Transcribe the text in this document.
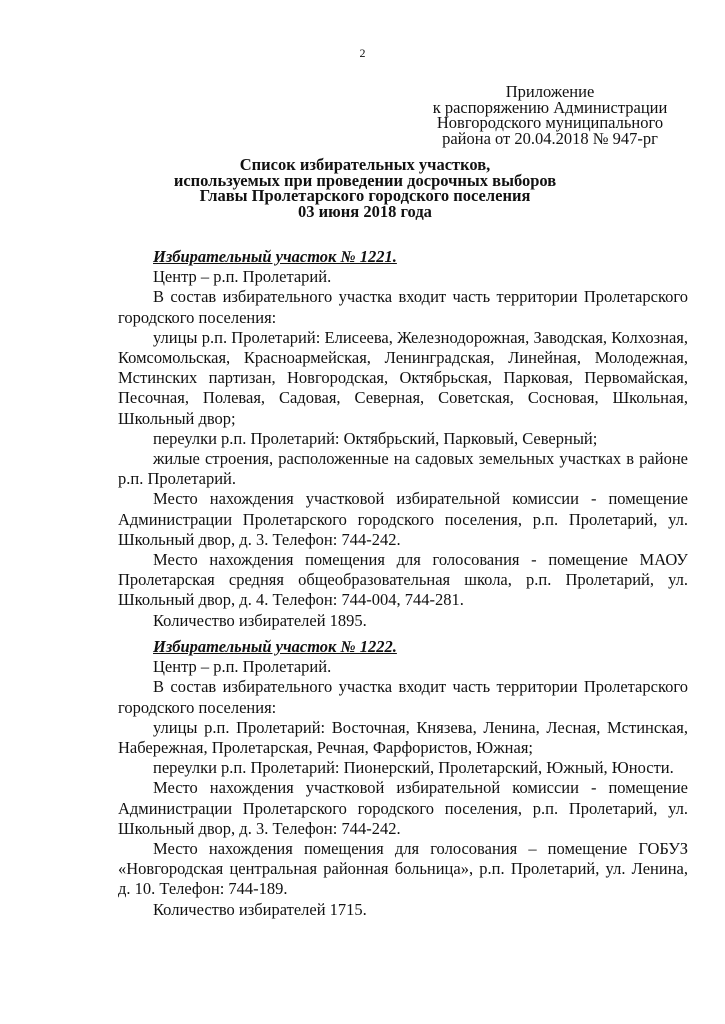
2
Приложение
к распоряжению Администрации
Новгородского муниципального
района от 20.04.2018 № 947-рг
Список избирательных участков,
используемых при проведении досрочных выборов
Главы Пролетарского городского поселения
03 июня 2018 года

Избирательный участок № 1221.

Центр – р.п. Пролетарий.

В состав избирательного участка входит часть территории Пролетарского городского поселения:

улицы р.п. Пролетарий: Елисеева, Железнодорожная, Заводская, Колхозная, Комсомольская, Красноармейская, Ленинградская, Линейная, Молодежная, Мстинских партизан, Новгородская, Октябрьская, Парковая, Первомайская, Песочная, Полевая, Садовая, Северная, Советская, Сосновая, Школьная, Школьный двор;

переулки р.п. Пролетарий: Октябрьский, Парковый, Северный;

жилые строения, расположенные на садовых земельных участках в районе р.п. Пролетарий.

Место нахождения участковой избирательной комиссии - помещение Администрации Пролетарского городского поселения, р.п. Пролетарий, ул. Школьный двор, д. 3. Телефон: 744-242.

Место нахождения помещения для голосования - помещение МАОУ Пролетарская средняя общеобразовательная школа, р.п. Пролетарий, ул. Школьный двор, д. 4. Телефон: 744-004, 744-281.

Количество избирателей 1895.

Избирательный участок № 1222.

Центр – р.п. Пролетарий.

В состав избирательного участка входит часть территории Пролетарского городского поселения:

улицы р.п. Пролетарий: Восточная, Князева, Ленина, Лесная, Мстинская, Набережная, Пролетарская, Речная, Фарфористов, Южная;

переулки р.п. Пролетарий: Пионерский, Пролетарский, Южный, Юности.

Место нахождения участковой избирательной комиссии - помещение Администрации Пролетарского городского поселения, р.п. Пролетарий, ул. Школьный двор, д. 3. Телефон: 744-242.

Место нахождения помещения для голосования – помещение ГОБУЗ «Новгородская центральная районная больница», р.п. Пролетарий, ул. Ленина, д. 10. Телефон: 744-189.

Количество избирателей 1715.
